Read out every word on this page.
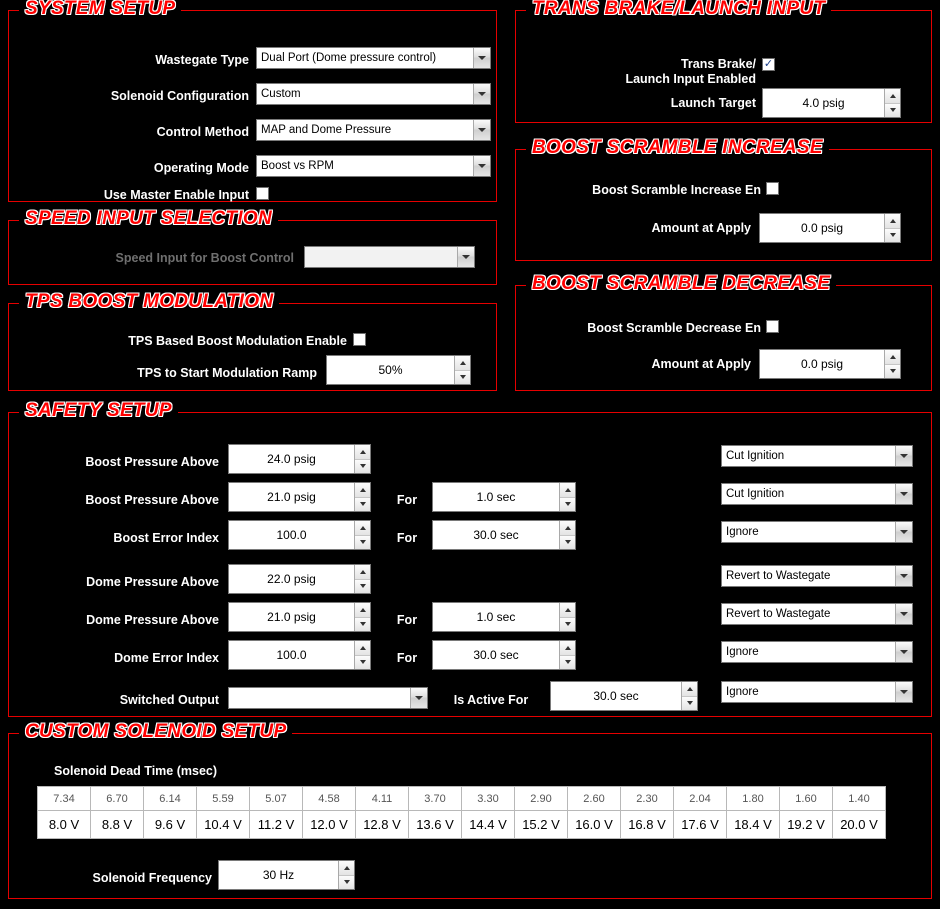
SYSTEM SETUP
Wastegate Type Dual Port (Dome pressure control)
Solenoid Configuration Custom
Control Method MAP and Dome Pressure
Operating Mode Boost vs RPM
Use Master Enable Input
SPEED INPUT SELECTION
Speed Input for Boost Control
TPS BOOST MODULATION
TPS Based Boost Modulation Enable
TPS to Start Modulation Ramp	50%
TRANS BRAKE/LAUNCH INPUT
Trans Brake/
Launch Input Enabled
✓
Launch Target	4.0 psig
BOOST SCRAMBLE INCREASE
Boost Scramble Increase En
Amount at Apply	0.0 psig
BOOST SCRAMBLE DECREASE
Boost Scramble Decrease En
Amount at Apply	0.0 psig
SAFETY SETUP
Boost Pressure Above	24.0 psig	Cut Ignition
Boost Pressure Above	21.0 psig	For	1.0 sec	Cut Ignition
Boost Error Index	100.0	For	30.0 sec	Ignore
Dome Pressure Above	22.0 psig	Revert to Wastegate
Dome Pressure Above	21.0 psig	For	1.0 sec	Revert to Wastegate
Dome Error Index	100.0	For	30.0 sec	Ignore
Switched Output	Is Active For	30.0 sec	Ignore
CUSTOM SOLENOID SETUP
Solenoid Dead Time (msec)
7.34	6.70	6.14	5.59	5.07	4.58	4.11	3.70	3.30	2.90	2.60	2.30	2.04	1.80	1.60	1.40
8.0 V	8.8 V	9.6 V	10.4 V	11.2 V	12.0 V	12.8 V	13.6 V	14.4 V	15.2 V	16.0 V	16.8 V	17.6 V	18.4 V	19.2 V	20.0 V
Solenoid Frequency	30 Hz
